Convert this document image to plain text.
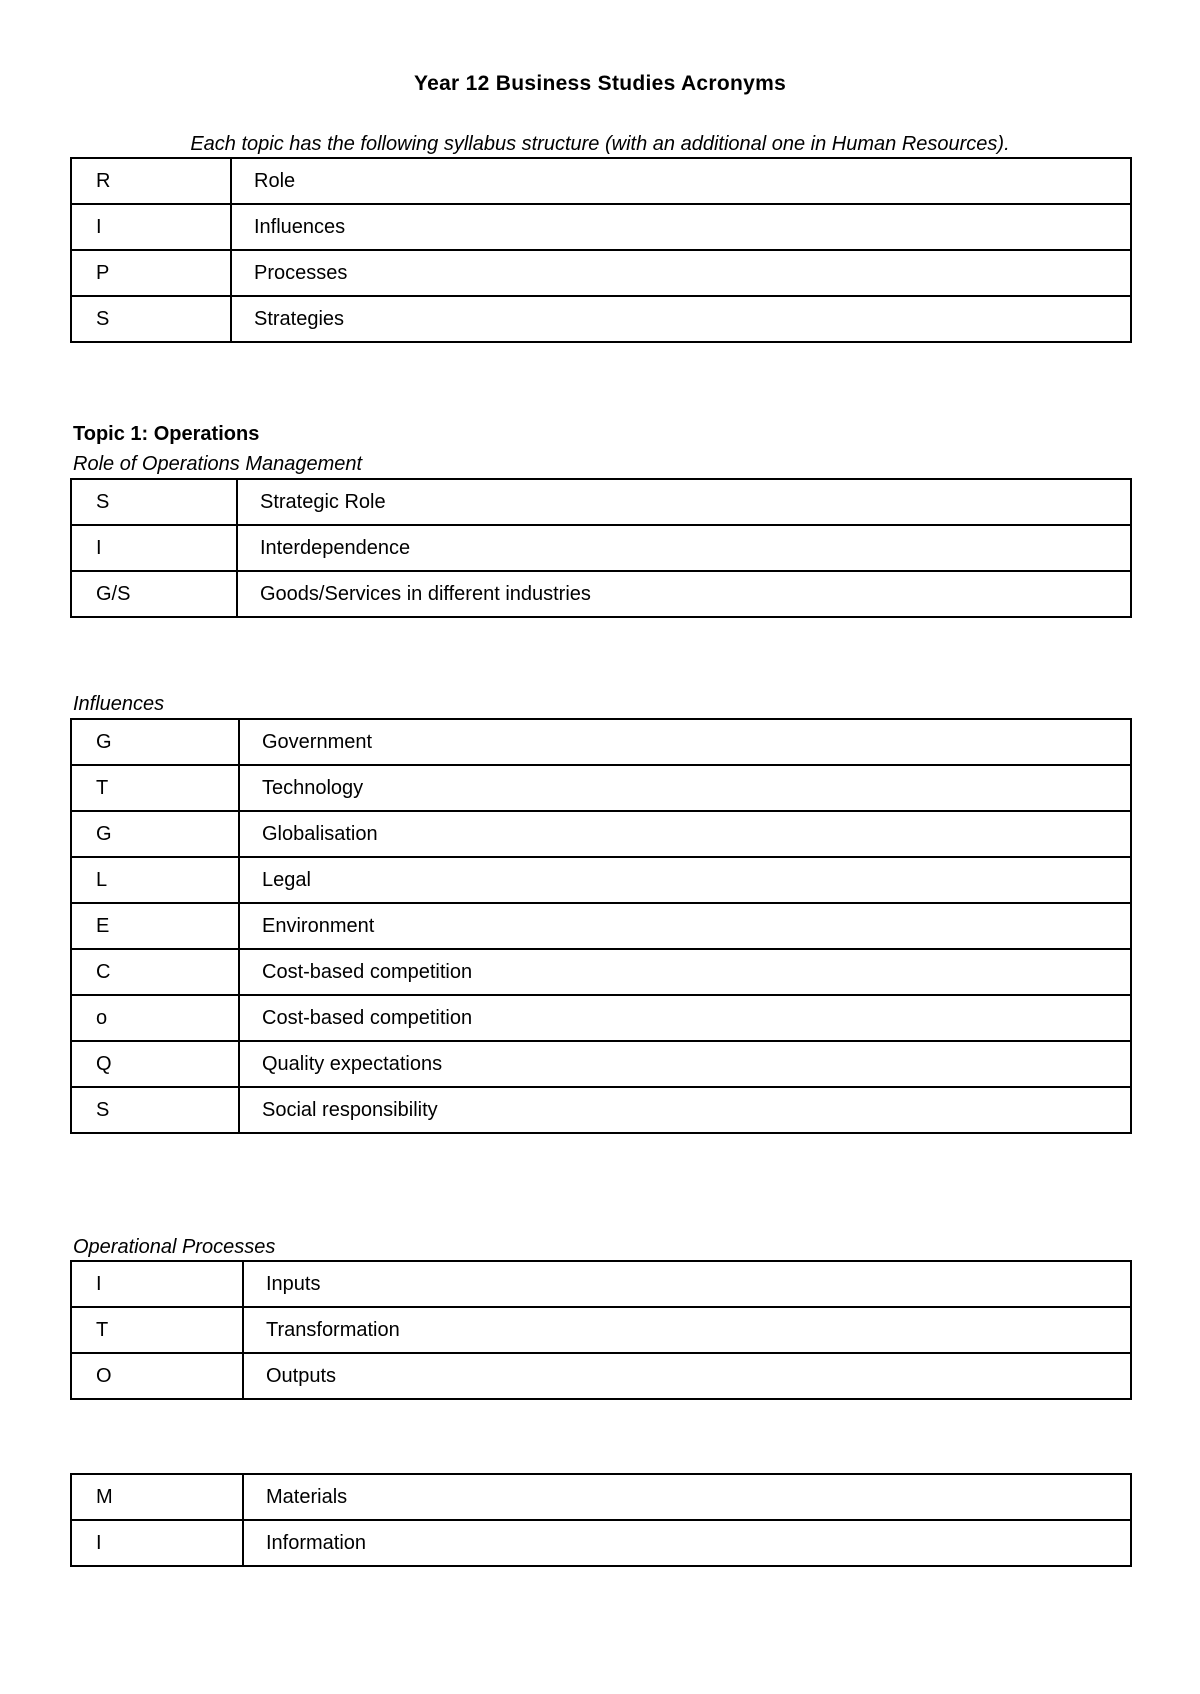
Year 12 Business Studies Acronyms
Each topic has the following syllabus structure (with an additional one in Human Resources).
R	Role
I	Influences
P	Processes
S	Strategies
Topic 1: Operations
Role of Operations Management
S	Strategic Role
I	Interdependence
G/S	Goods/Services in different industries
Influences
G	Government
T	Technology
G	Globalisation
L	Legal
E	Environment
C	Cost-based competition
o	Cost-based competition
Q	Quality expectations
S	Social responsibility
Operational Processes
I	Inputs
T	Transformation
O	Outputs
M	Materials
I	Information
